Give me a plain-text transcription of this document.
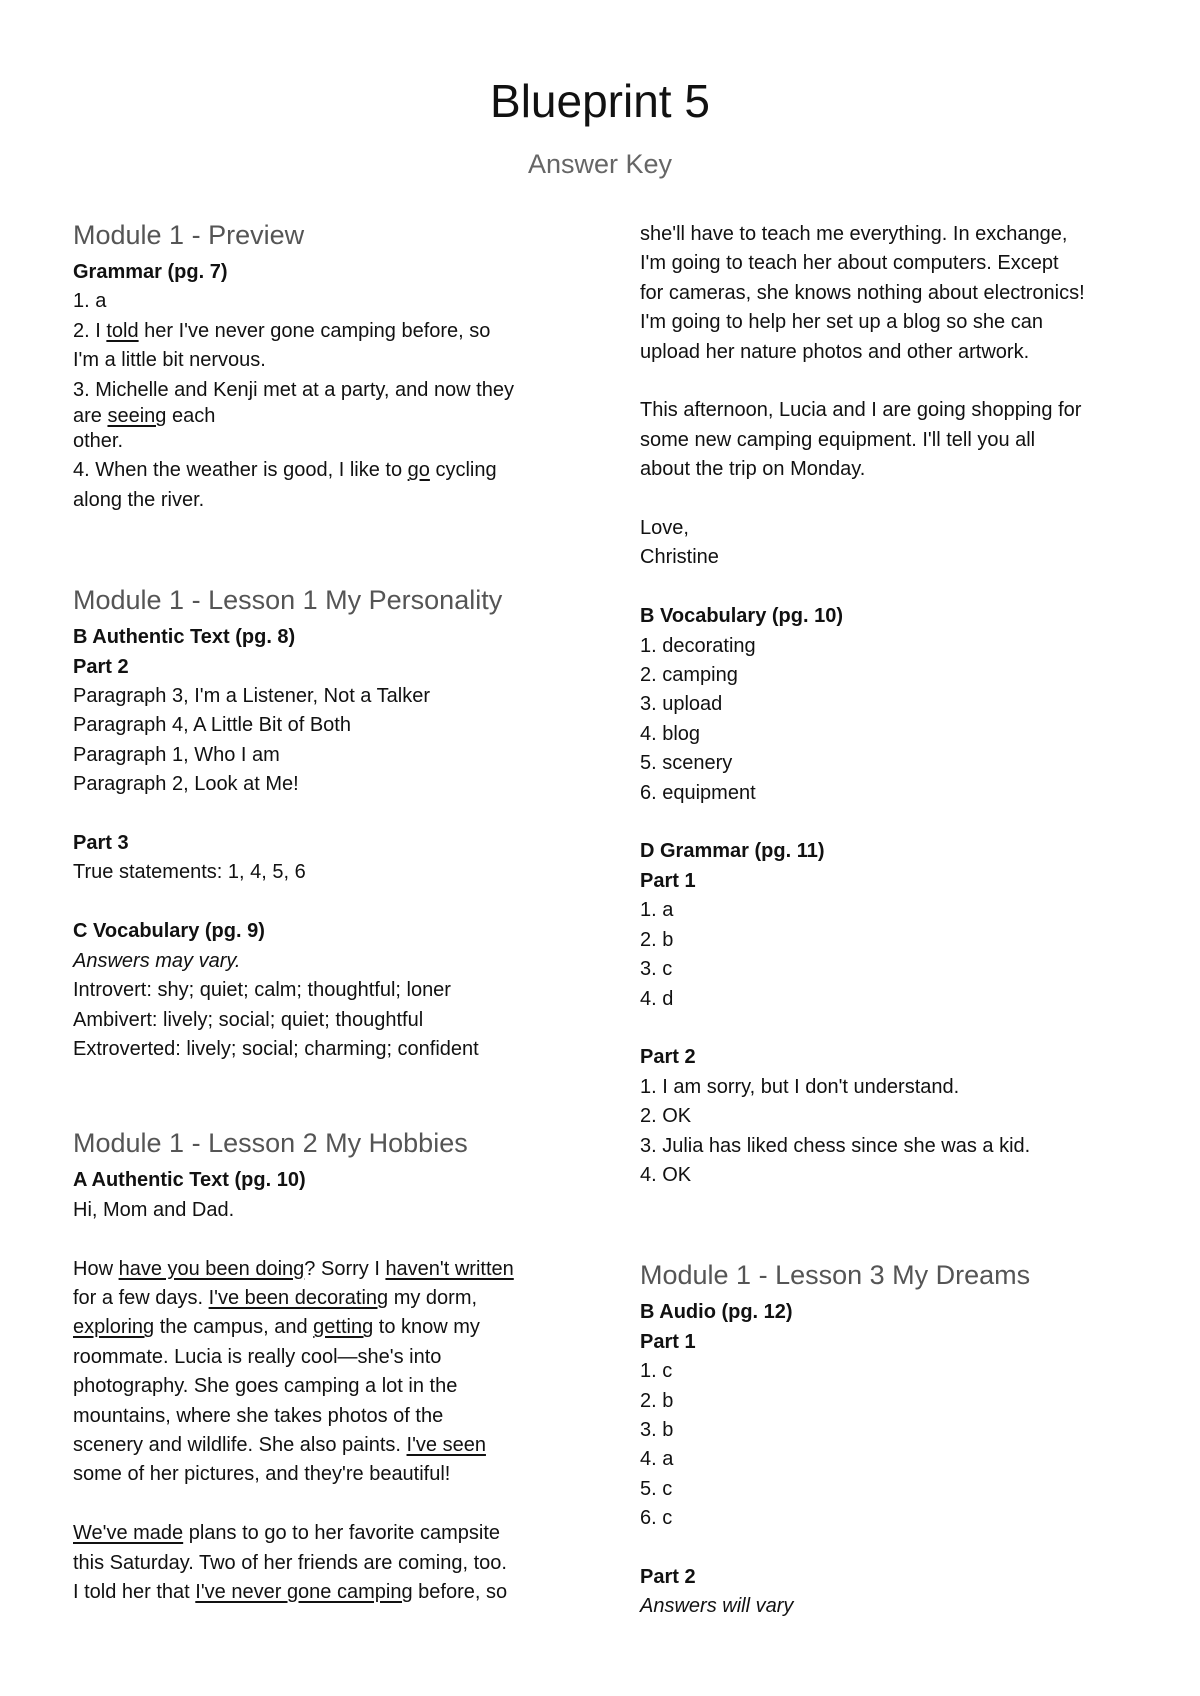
Blueprint 5
Answer Key
Module 1 - Preview
Grammar (pg. 7)
1. a
2. I told her I've never gone camping before, so
I'm a little bit nervous.
3. Michelle and Kenji met at a party, and now they
are seeing each
other.
4. When the weather is good, I like to go cycling
along the river.
Module 1 - Lesson 1 My Personality
B Authentic Text (pg. 8)
Part 2
Paragraph 3, I'm a Listener, Not a Talker
Paragraph 4, A Little Bit of Both
Paragraph 1, Who I am
Paragraph 2, Look at Me!
Part 3
True statements: 1, 4, 5, 6
C Vocabulary (pg. 9)
Answers may vary.
Introvert: shy; quiet; calm; thoughtful; loner
Ambivert: lively; social; quiet; thoughtful
Extroverted: lively; social; charming; confident
Module 1 - Lesson 2 My Hobbies
A Authentic Text (pg. 10)
Hi, Mom and Dad.
How have you been doing? Sorry I haven't written
for a few days. I've been decorating my dorm,
exploring the campus, and getting to know my
roommate. Lucia is really cool—she's into
photography. She goes camping a lot in the
mountains, where she takes photos of the
scenery and wildlife. She also paints. I've seen
some of her pictures, and they're beautiful!
We've made plans to go to her favorite campsite
this Saturday. Two of her friends are coming, too.
I told her that I've never gone camping before, so
she'll have to teach me everything. In exchange,
I'm going to teach her about computers. Except
for cameras, she knows nothing about electronics!
I'm going to help her set up a blog so she can
upload her nature photos and other artwork.
This afternoon, Lucia and I are going shopping for
some new camping equipment. I'll tell you all
about the trip on Monday.
Love,
Christine
B Vocabulary (pg. 10)
1. decorating
2. camping
3. upload
4. blog
5. scenery
6. equipment
D Grammar (pg. 11)
Part 1
1. a
2. b
3. c
4. d
Part 2
1. I am sorry, but I don't understand.
2. OK
3. Julia has liked chess since she was a kid.
4. OK
Module 1 - Lesson 3 My Dreams
B Audio (pg. 12)
Part 1
1. c
2. b
3. b
4. a
5. c
6. c
Part 2
Answers will vary
